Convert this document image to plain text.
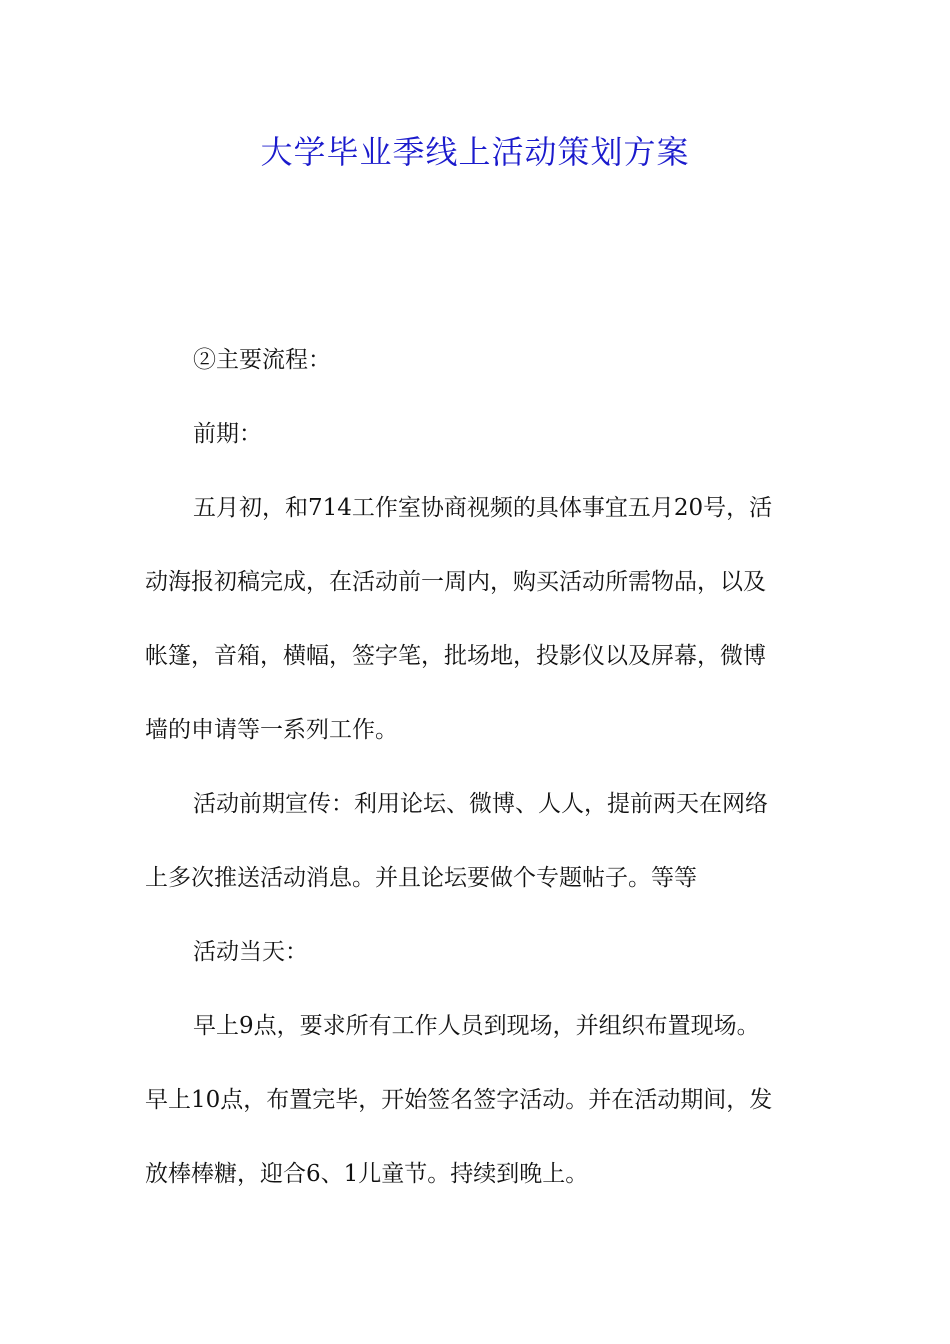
大学毕业季线上活动策划方案

②主要流程：

前期：

五月初，和714工作室协商视频的具体事宜五月20号，活
动海报初稿完成，在活动前一周内，购买活动所需物品，以及
帐篷，音箱，横幅，签字笔，批场地，投影仪以及屏幕，微博
墙的申请等一系列工作。

活动前期宣传：利用论坛、微博、人人，提前两天在网络
上多次推送活动消息。并且论坛要做个专题帖子。等等

活动当天：

早上9点，要求所有工作人员到现场，并组织布置现场。

早上10点，布置完毕，开始签名签字活动。并在活动期间，发
放棒棒糖，迎合6、1儿童节。持续到晚上。
